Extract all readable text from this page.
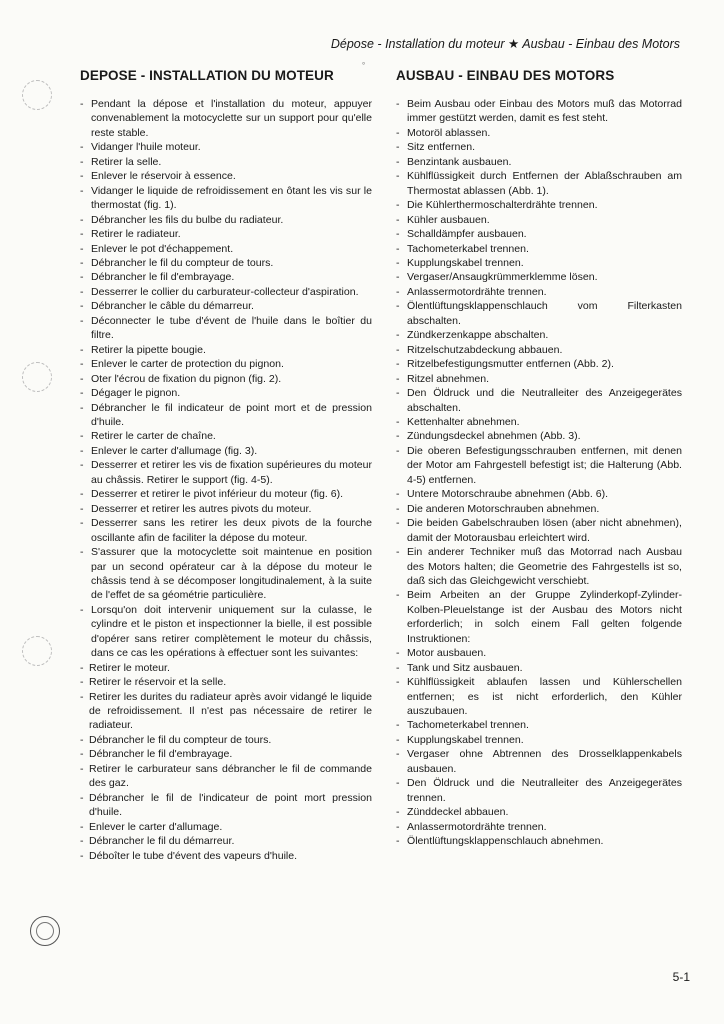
Dépose - Installation du moteur ★ Ausbau - Einbau des Motors
˚
DEPOSE - INSTALLATION DU MOTEUR
- Pendant la dépose et l'installation du moteur, appuyer convenablement la motocyclette sur un support pour qu'elle reste stable.
- Vidanger l'huile moteur.
- Retirer la selle.
- Enlever le réservoir à essence.
- Vidanger le liquide de refroidissement en ôtant les vis sur le thermostat (fig. 1).
- Débrancher les fils du bulbe du radiateur.
- Retirer le radiateur.
- Enlever le pot d'échappement.
- Débrancher le fil du compteur de tours.
- Débrancher le fil d'embrayage.
- Desserrer le collier du carburateur-collecteur d'aspiration.
- Débrancher le câble du démarreur.
- Déconnecter le tube d'évent de l'huile dans le boîtier du filtre.
- Retirer la pipette bougie.
- Enlever le carter de protection du pignon.
- Oter l'écrou de fixation du pignon (fig. 2).
- Dégager le pignon.
- Débrancher le fil indicateur de point mort et de pression d'huile.
- Retirer le carter de chaîne.
- Enlever le carter d'allumage (fig. 3).
- Desserrer et retirer les vis de fixation supérieures du moteur au châssis. Retirer le support (fig. 4-5).
- Desserrer et retirer le pivot inférieur du moteur (fig. 6).
- Desserrer et retirer les autres pivots du moteur.
- Desserrer sans les retirer les deux pivots de la fourche oscillante afin de faciliter la dépose du moteur.
- S'assurer que la motocyclette soit maintenue en position par un second opérateur car à la dépose du moteur le châssis tend à se décomposer longitudinalement, à la suite de l'effet de sa géométrie particulière.
- Lorsqu'on doit intervenir uniquement sur la culasse, le cylindre et le piston et inspectionner la bielle, il est possible d'opérer sans retirer complètement le moteur du châssis, dans ce cas les opérations à effectuer sont les suivantes:
- Retirer le moteur.
- Retirer le réservoir et la selle.
- Retirer les durites du radiateur après avoir vidangé le liquide de refroidissement. Il n'est pas nécessaire de retirer le radiateur.
- Débrancher le fil du compteur de tours.
- Débrancher le fil d'embrayage.
- Retirer le carburateur sans débrancher le fil de commande des gaz.
- Débrancher le fil de l'indicateur de point mort pression d'huile.
- Enlever le carter d'allumage.
- Débrancher le fil du démarreur.
- Déboîter le tube d'évent des vapeurs d'huile.
AUSBAU - EINBAU DES MOTORS
- Beim Ausbau oder Einbau des Motors muß das Motorrad immer gestützt werden, damit es fest steht.
- Motoröl ablassen.
- Sitz entfernen.
- Benzintank ausbauen.
- Kühlflüssigkeit durch Entfernen der Ablaßschrauben am Thermostat ablassen (Abb. 1).
- Die Kühlerthermoschalterdrähte trennen.
- Kühler ausbauen.
- Schalldämpfer ausbauen.
- Tachometerkabel trennen.
- Kupplungskabel trennen.
- Vergaser/Ansaugkrümmerklemme lösen.
- Anlassermotordrähte trennen.
- Ölentlüftungsklappenschlauch vom Filterkasten abschalten.
- Zündkerzenkappe abschalten.
- Ritzelschutzabdeckung abbauen.
- Ritzelbefestigungsmutter entfernen (Abb. 2).
- Ritzel abnehmen.
- Den Öldruck und die Neutralleiter des Anzeigegerätes abschalten.
- Kettenhalter abnehmen.
- Zündungsdeckel abnehmen (Abb. 3).
- Die oberen Befestigungsschrauben entfernen, mit denen der Motor am Fahrgestell befestigt ist; die Halterung (Abb. 4-5) entfernen.
- Untere Motorschraube abnehmen (Abb. 6).
- Die anderen Motorschrauben abnehmen.
- Die beiden Gabelschrauben lösen (aber nicht abnehmen), damit der Motorausbau erleichtert wird.
- Ein anderer Techniker muß das Motorrad nach Ausbau des Motors halten; die Geometrie des Fahrgestells ist so, daß sich das Gleichgewicht verschiebt.
- Beim Arbeiten an der Gruppe Zylinderkopf-Zylinder-Kolben-Pleuelstange ist der Ausbau des Motors nicht erforderlich; in solch einem Fall gelten folgende Instruktionen:
- Motor ausbauen.
- Tank und Sitz ausbauen.
- Kühlflüssigkeit ablaufen lassen und Kühlerschellen entfernen; es ist nicht erforderlich, den Kühler auszubauen.
- Tachometerkabel trennen.
- Kupplungskabel trennen.
- Vergaser ohne Abtrennen des Drosselklappenkabels ausbauen.
- Den Öldruck und die Neutralleiter des Anzeigegerätes trennen.
- Zünddeckel abbauen.
- Anlassermotordrähte trennen.
- Ölentlüftungsklappenschlauch abnehmen.
5-1
